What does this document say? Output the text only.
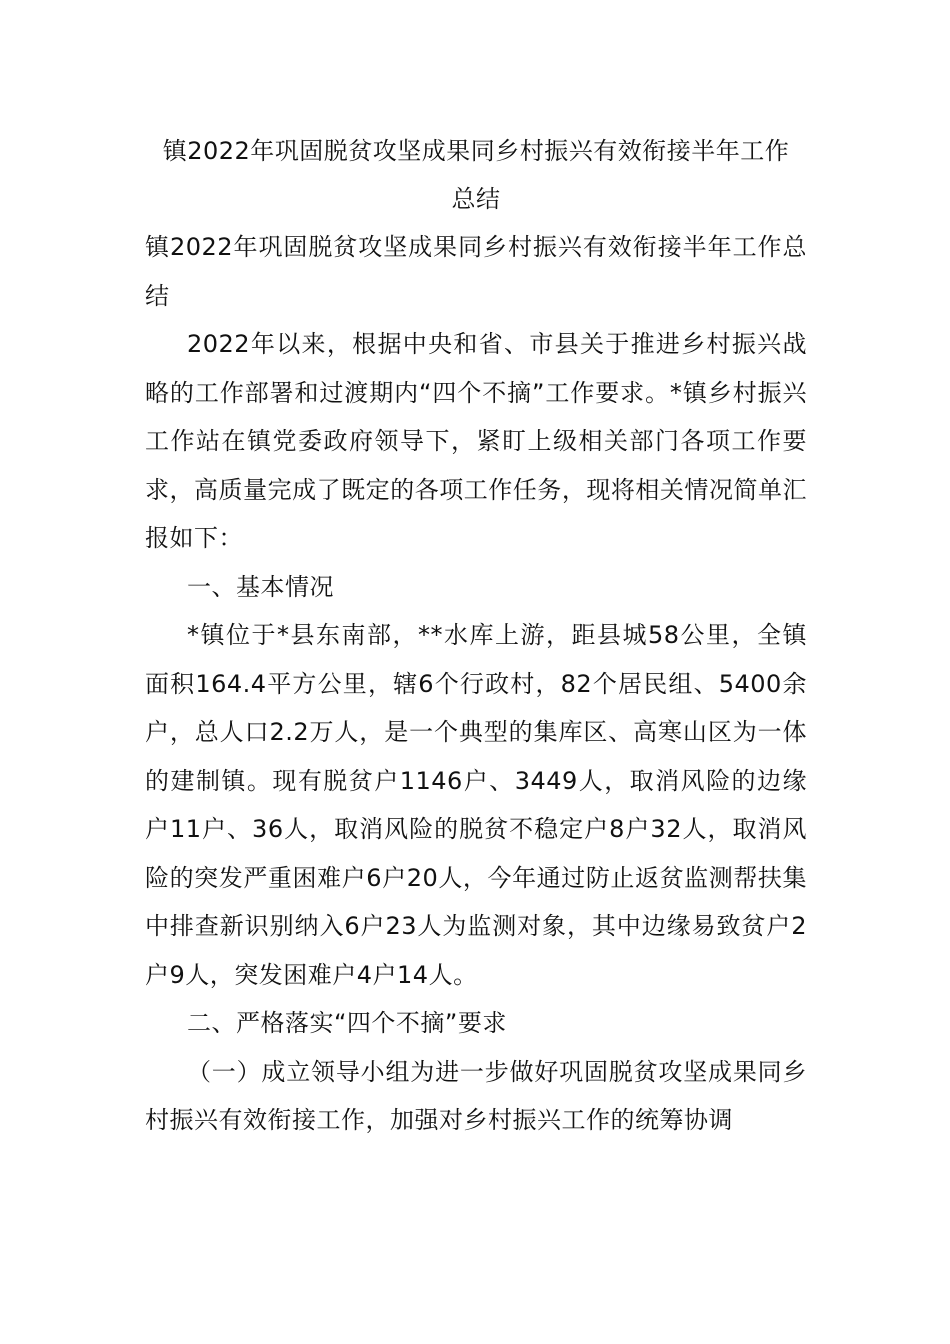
镇2022年巩固脱贫攻坚成果同乡村振兴有效衔接半年工作
总结

镇2022年巩固脱贫攻坚成果同乡村振兴有效衔接半年工作总结

2022年以来，根据中央和省、市县关于推进乡村振兴战略的工作部署和过渡期内“四个不摘”工作要求。*镇乡村振兴工作站在镇党委政府领导下，紧盯上级相关部门各项工作要求，高质量完成了既定的各项工作任务，现将相关情况简单汇报如下：

一、基本情况

*镇位于*县东南部，**水库上游，距县城58公里，全镇面积164.4平方公里，辖6个行政村，82个居民组、5400余户，总人口2.2万人，是一个典型的集库区、高寒山区为一体的建制镇。现有脱贫户1146户、3449人，取消风险的边缘户11户、36人，取消风险的脱贫不稳定户8户32人，取消风险的突发严重困难户6户20人，今年通过防止返贫监测帮扶集中排查新识别纳入6户23人为监测对象，其中边缘易致贫户2户9人，突发困难户4户14人。

二、严格落实“四个不摘”要求

（一）成立领导小组为进一步做好巩固脱贫攻坚成果同乡村振兴有效衔接工作，加强对乡村振兴工作的统筹协调
